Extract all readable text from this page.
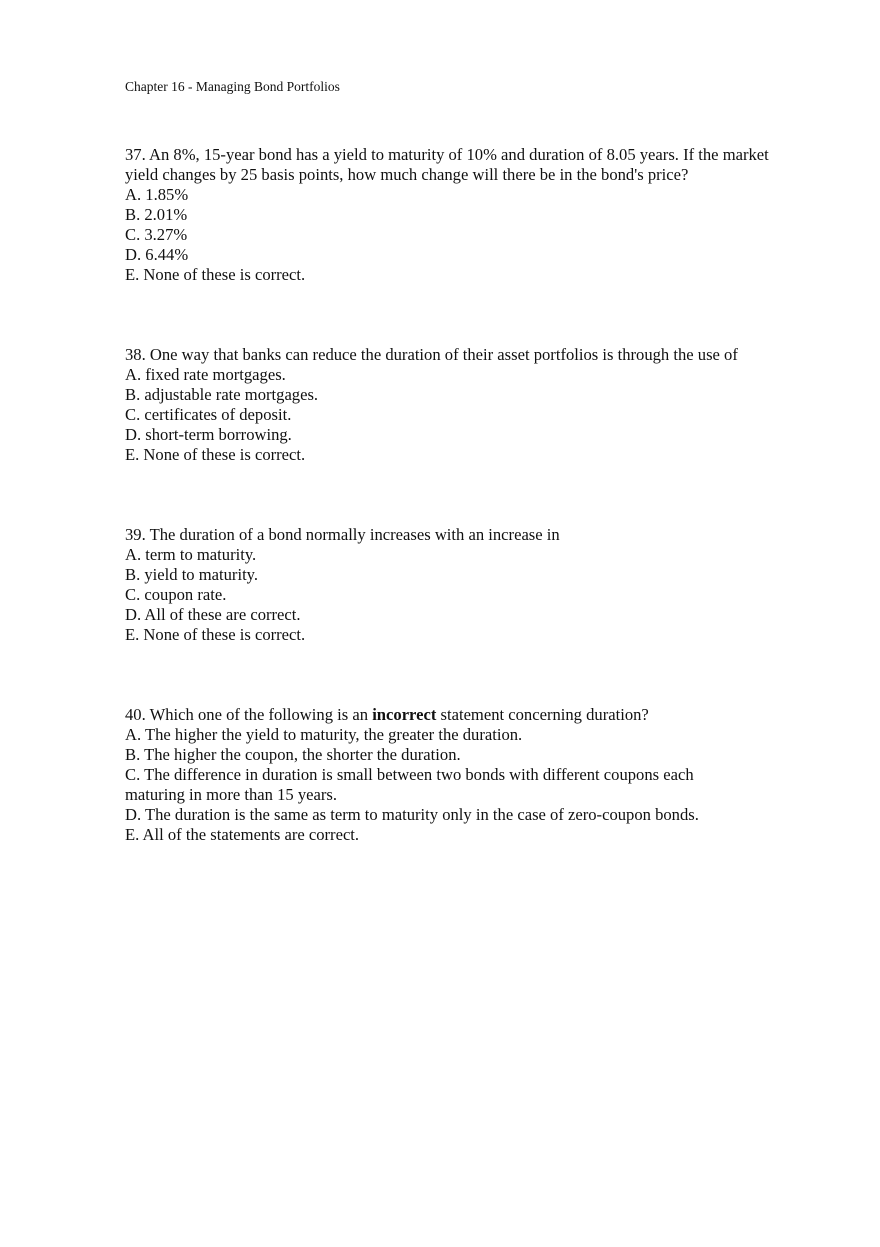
Chapter 16 - Managing Bond Portfolios
37. An 8%, 15-year bond has a yield to maturity of 10% and duration of 8.05 years. If the market yield changes by 25 basis points, how much change will there be in the bond's price?
A. 1.85%
B. 2.01%
C. 3.27%
D. 6.44%
E. None of these is correct.
38. One way that banks can reduce the duration of their asset portfolios is through the use of
A. fixed rate mortgages.
B. adjustable rate mortgages.
C. certificates of deposit.
D. short-term borrowing.
E. None of these is correct.
39. The duration of a bond normally increases with an increase in
A. term to maturity.
B. yield to maturity.
C. coupon rate.
D. All of these are correct.
E. None of these is correct.
40. Which one of the following is an incorrect statement concerning duration?
A. The higher the yield to maturity, the greater the duration.
B. The higher the coupon, the shorter the duration.
C. The difference in duration is small between two bonds with different coupons each maturing in more than 15 years.
D. The duration is the same as term to maturity only in the case of zero-coupon bonds.
E. All of the statements are correct.
